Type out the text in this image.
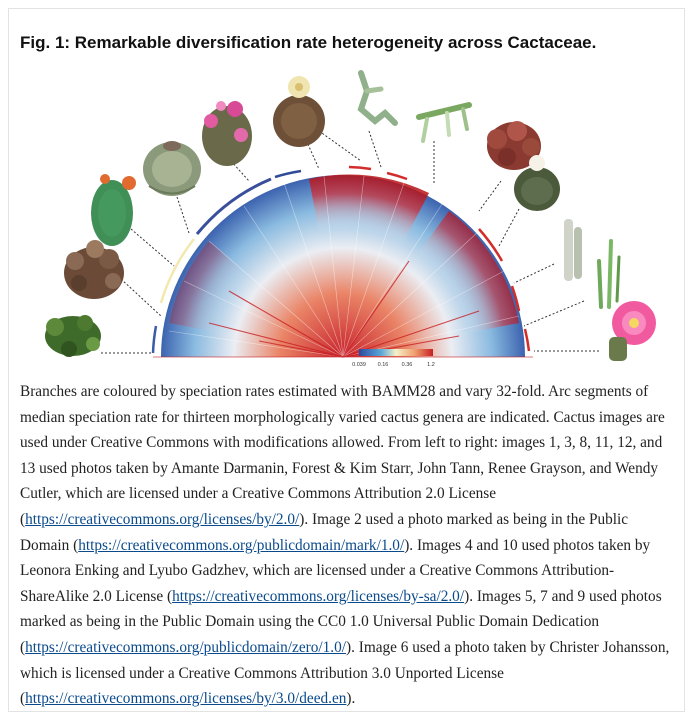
Fig. 1: Remarkable diversification rate heterogeneity across Cactaceae.
0.039 0.16 0.36	1.2

Branches are coloured by speciation rates estimated with BAMM28 and vary 32-fold. Arc segments of median speciation rate for thirteen morphologically varied cactus genera are indicated. Cactus images are used under Creative Commons with modifications allowed. From left to right: images 1, 3, 8, 11, 12, and 13 used photos taken by Amante Darmanin, Forest & Kim Starr, John Tann, Renee Grayson, and Wendy Cutler, which are licensed under a Creative Commons Attribution 2.0 License (https://creativecommons.org/licenses/by/2.0/). Image 2 used a photo marked as being in the Public Domain (https://creativecommons.org/publicdomain/mark/1.0/). Images 4 and 10 used photos taken by Leonora Enking and Lyubo Gadzhev, which are licensed under a Creative Commons Attribution-ShareAlike 2.0 License (https://creativecommons.org/licenses/by-sa/2.0/). Images 5, 7 and 9 used photos marked as being in the Public Domain using the CC0 1.0 Universal Public Domain Dedication (https://creativecommons.org/publicdomain/zero/1.0/). Image 6 used a photo taken by Christer Johansson, which is licensed under a Creative Commons Attribution 3.0 Unported License (https://creativecommons.org/licenses/by/3.0/deed.en).
